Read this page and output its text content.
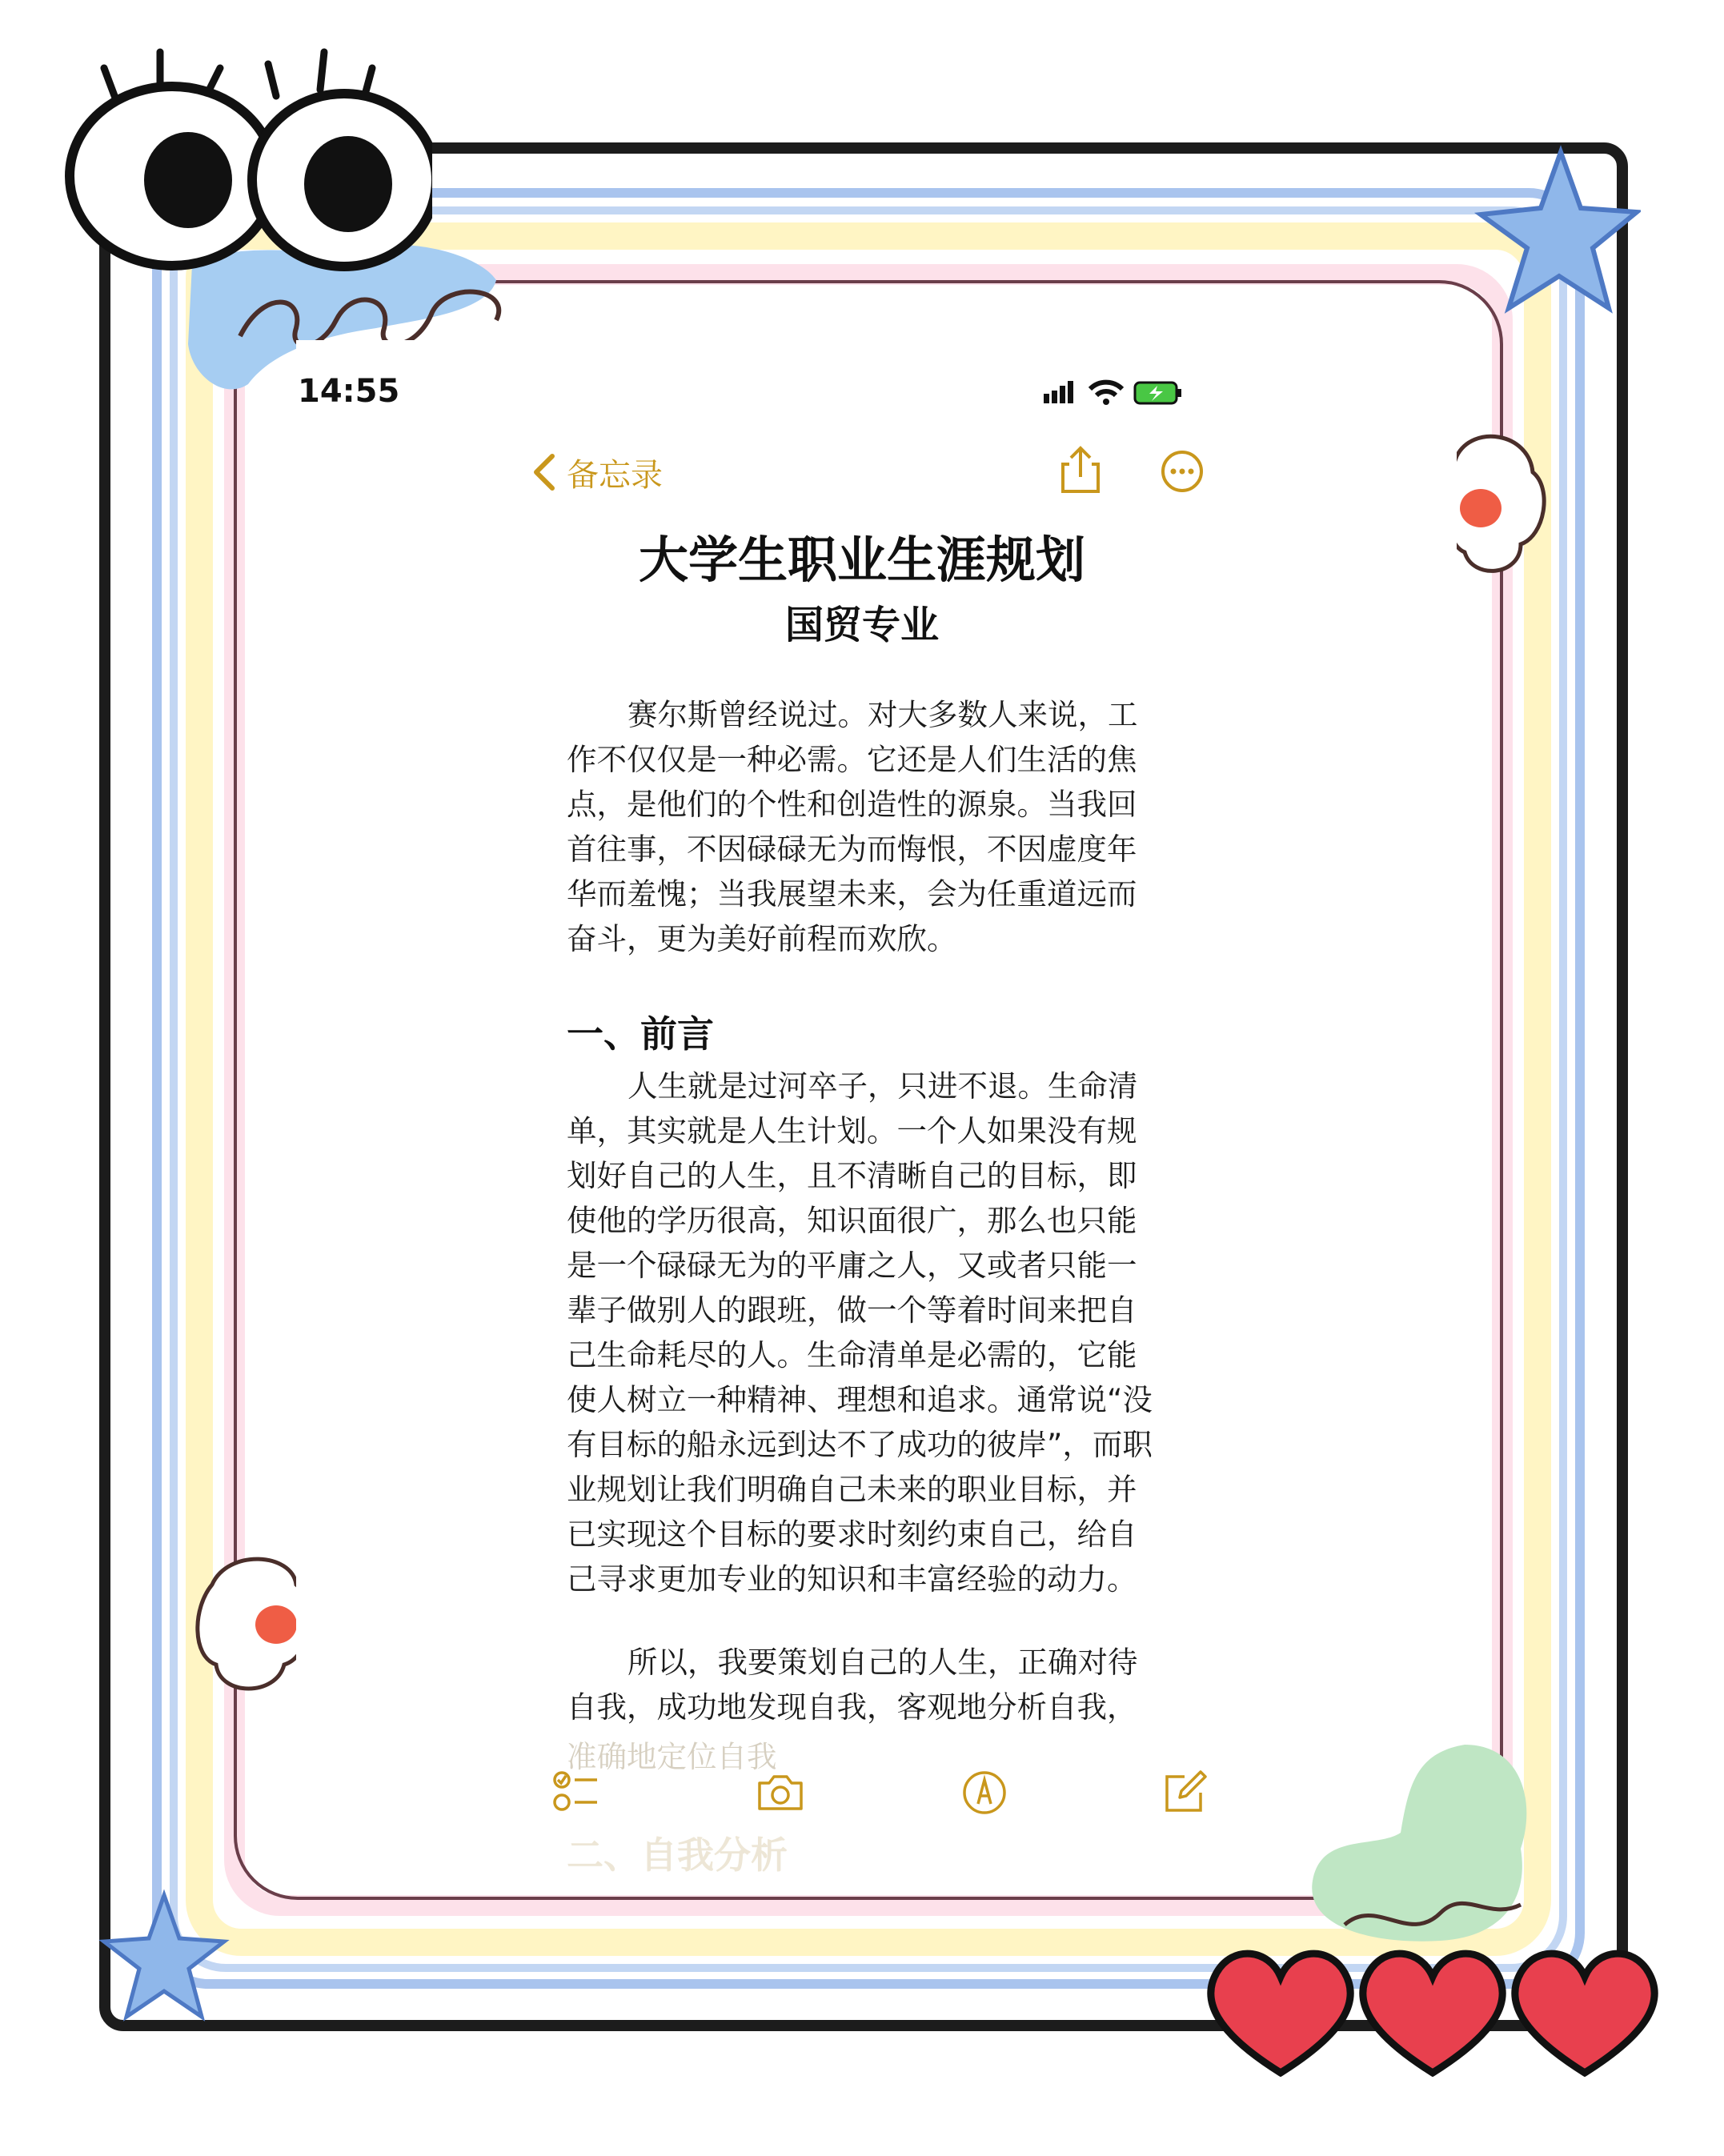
14:55
备忘录
大学生职业生涯规划
国贸专业
赛尔斯曾经说过。对大多数人来说，工
作不仅仅是一种必需。它还是人们生活的焦
点，是他们的个性和创造性的源泉。当我回
首往事，不因碌碌无为而悔恨，不因虚度年
华而羞愧；当我展望未来，会为任重道远而
奋斗，更为美好前程而欢欣。
一、前言
人生就是过河卒子，只进不退。生命清
单，其实就是人生计划。一个人如果没有规
划好自己的人生，且不清晰自己的目标，即
使他的学历很高，知识面很广，那么也只能
是一个碌碌无为的平庸之人，又或者只能一
辈子做别人的跟班，做一个等着时间来把自
己生命耗尽的人。生命清单是必需的，它能
使人树立一种精神、理想和追求。通常说“没
有目标的船永远到达不了成功的彼岸”，而职
业规划让我们明确自己未来的职业目标，并
已实现这个目标的要求时刻约束自己，给自
己寻求更加专业的知识和丰富经验的动力。
所以，我要策划自己的人生，正确对待
自我，成功地发现自我，客观地分析自我，
准确地定位自我
二、自我分析
